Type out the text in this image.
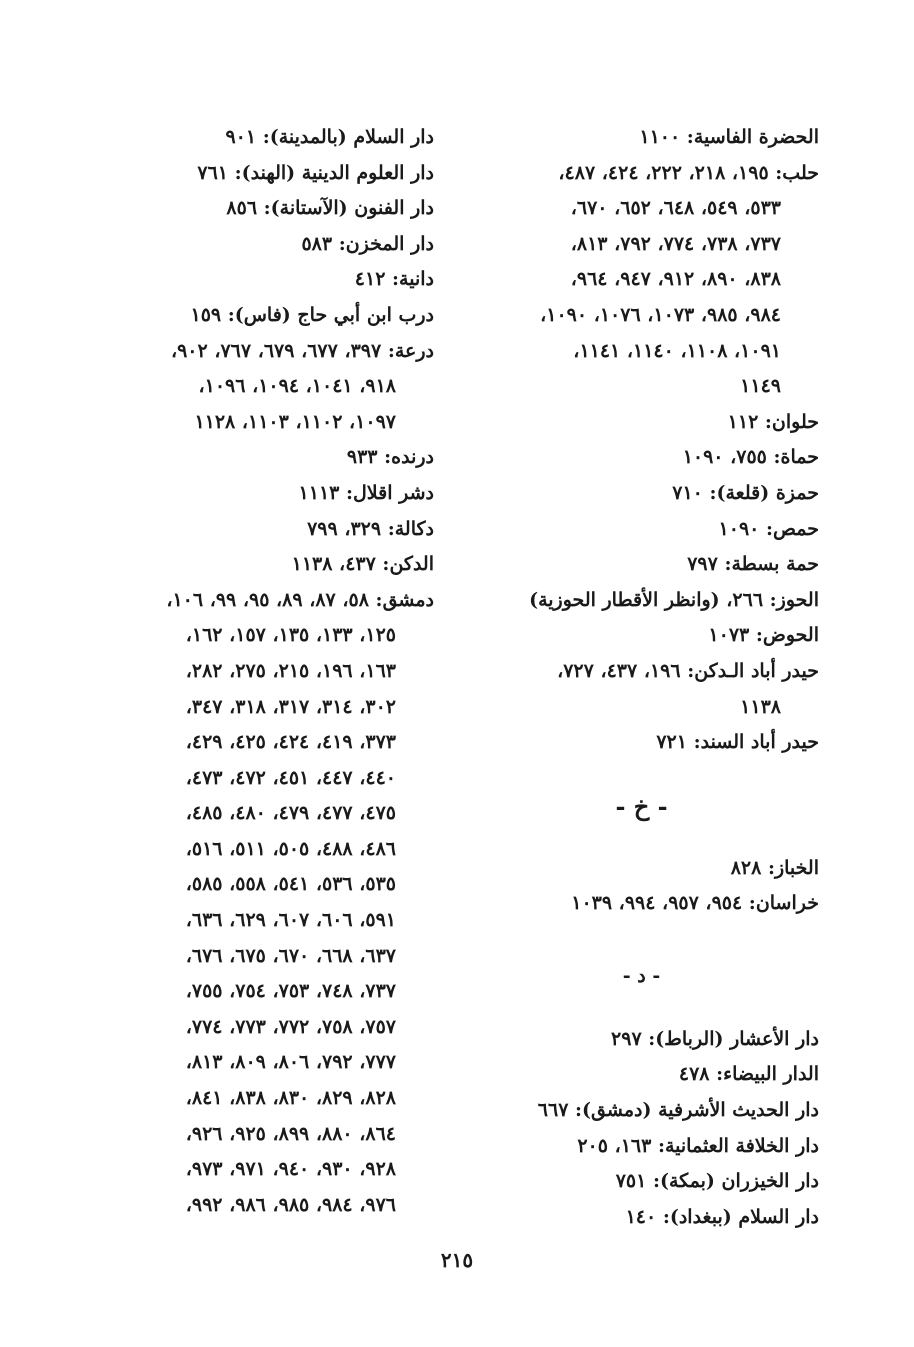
الحضرة الفاسية: ١١٠٠
حلب: ١٩٥، ٢١٨، ٢٢٢، ٤٢٤، ٤٨٧،
٥٣٣، ٥٤٩، ٦٤٨، ٦٥٢، ٦٧٠،
٧٣٧، ٧٣٨، ٧٧٤، ٧٩٢، ٨١٣،
٨٣٨، ٨٩٠، ٩١٢، ٩٤٧، ٩٦٤،
٩٨٤، ٩٨٥، ١٠٧٣، ١٠٧٦، ١٠٩٠،
١٠٩١، ١١٠٨، ١١٤٠، ١١٤١،
١١٤٩
حلوان: ١١٢
حماة: ٧٥٥، ١٠٩٠
حمزة (قلعة): ٧١٠
حمص: ١٠٩٠
حمة بسطة: ٧٩٧
الحوز: ٢٦٦، (وانظر الأقطار الحوزية)
الحوض: ١٠٧٣
حيدر أباد الـدكن: ١٩٦، ٤٣٧، ٧٢٧،
١١٣٨
حيدر أباد السند: ٧٢١
- خ -
الخباز: ٨٢٨
خراسان: ٩٥٤، ٩٥٧، ٩٩٤، ١٠٣٩
- د -
دار الأعشار (الرباط): ٢٩٧
الدار البيضاء: ٤٧٨
دار الحديث الأشرفية (دمشق): ٦٦٧
دار الخلافة العثمانية: ١٦٣، ٢٠٥
دار الخيزران (بمكة): ٧٥١
دار السلام (ببغداد): ١٤٠
دار السلام (بالمدينة): ٩٠١
دار العلوم الدينية (الهند): ٧٦١
دار الفنون (الآستانة): ٨٥٦
دار المخزن: ٥٨٣
دانية: ٤١٢
درب ابن أبي حاج (فاس): ١٥٩
درعة: ٣٩٧، ٦٧٧، ٦٧٩، ٧٦٧، ٩٠٢،
٩١٨، ١٠٤١، ١٠٩٤، ١٠٩٦،
١٠٩٧، ١١٠٢، ١١٠٣، ١١٢٨
درنده: ٩٣٣
دشر اقلال: ١١١٣
دكالة: ٣٢٩، ٧٩٩
الدكن: ٤٣٧، ١١٣٨
دمشق: ٥٨، ٨٧، ٨٩، ٩٥، ٩٩، ١٠٦،
١٢٥، ١٣٣، ١٣٥، ١٥٧، ١٦٢،
١٦٣، ١٩٦، ٢١٥، ٢٧٥، ٢٨٢،
٣٠٢، ٣١٤، ٣١٧، ٣١٨، ٣٤٧،
٣٧٣، ٤١٩، ٤٢٤، ٤٢٥، ٤٢٩،
٤٤٠، ٤٤٧، ٤٥١، ٤٧٢، ٤٧٣،
٤٧٥، ٤٧٧، ٤٧٩، ٤٨٠، ٤٨٥،
٤٨٦، ٤٨٨، ٥٠٥، ٥١١، ٥١٦،
٥٣٥، ٥٣٦، ٥٤١، ٥٥٨، ٥٨٥،
٥٩١، ٦٠٦، ٦٠٧، ٦٢٩، ٦٣٦،
٦٣٧، ٦٦٨، ٦٧٠، ٦٧٥، ٦٧٦،
٧٣٧، ٧٤٨، ٧٥٣، ٧٥٤، ٧٥٥،
٧٥٧، ٧٥٨، ٧٧٢، ٧٧٣، ٧٧٤،
٧٧٧، ٧٩٢، ٨٠٦، ٨٠٩، ٨١٣،
٨٢٨، ٨٢٩، ٨٣٠، ٨٣٨، ٨٤١،
٨٦٤، ٨٨٠، ٨٩٩، ٩٢٥، ٩٢٦،
٩٢٨، ٩٣٠، ٩٤٠، ٩٧١، ٩٧٣،
٩٧٦، ٩٨٤، ٩٨٥، ٩٨٦، ٩٩٢،
٢١٥
